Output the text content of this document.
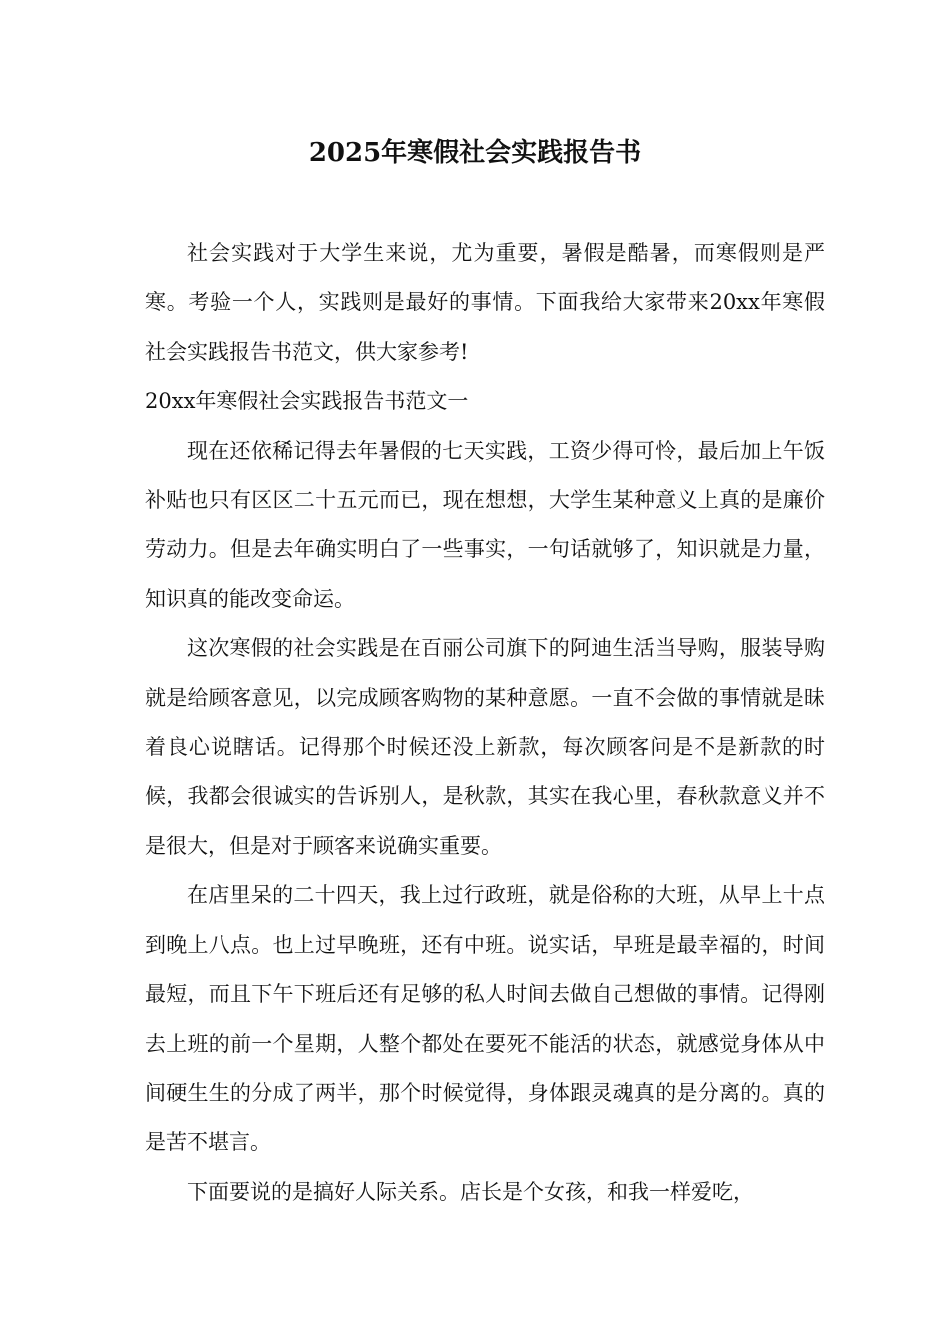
2025年寒假社会实践报告书

社会实践对于大学生来说，尤为重要，暑假是酷暑，而寒假则是严寒。考验一个人，实践则是最好的事情。下面我给大家带来20xx年寒假社会实践报告书范文，供大家参考!

20xx年寒假社会实践报告书范文一

现在还依稀记得去年暑假的七天实践，工资少得可怜，最后加上午饭补贴也只有区区二十五元而已，现在想想，大学生某种意义上真的是廉价劳动力。但是去年确实明白了一些事实，一句话就够了，知识就是力量，知识真的能改变命运。

这次寒假的社会实践是在百丽公司旗下的阿迪生活当导购，服装导购就是给顾客意见，以完成顾客购物的某种意愿。一直不会做的事情就是昧着良心说瞎话。记得那个时候还没上新款，每次顾客问是不是新款的时候，我都会很诚实的告诉别人，是秋款，其实在我心里，春秋款意义并不是很大，但是对于顾客来说确实重要。

在店里呆的二十四天，我上过行政班，就是俗称的大班，从早上十点到晚上八点。也上过早晚班，还有中班。说实话，早班是最幸福的，时间最短，而且下午下班后还有足够的私人时间去做自己想做的事情。记得刚去上班的前一个星期，人整个都处在要死不能活的状态，就感觉身体从中间硬生生的分成了两半，那个时候觉得，身体跟灵魂真的是分离的。真的是苦不堪言。

下面要说的是搞好人际关系。店长是个女孩，和我一样爱吃，
